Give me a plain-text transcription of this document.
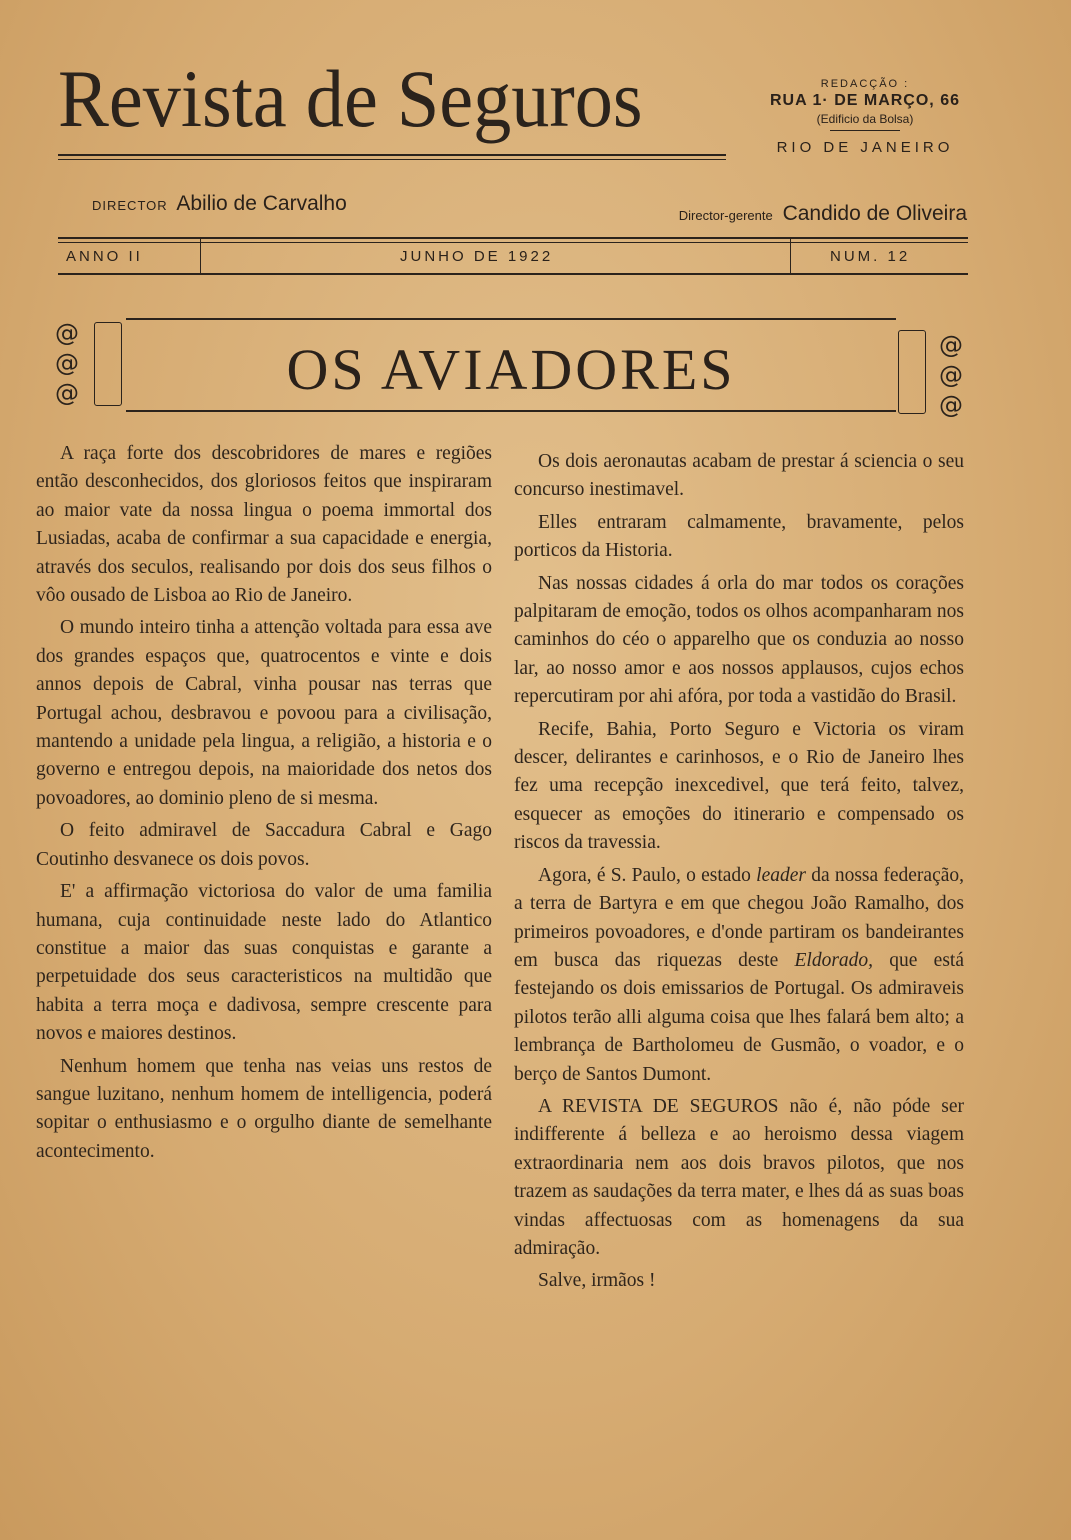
Revista de Seguros	REDACÇÃO :
RUA 1· DE MARÇO, 66
(Edificio da Bolsa)
RIO DE JANEIRO
DIRECTOR Abilio de Carvalho
Director-gerente Candido de Oliveira
ANNO II	JUNHO DE 1922	NUM. 12
@
@
@
@
@
@
OS AVIADORES

A raça forte dos descobridores de mares e regiões então desconhecidos, dos gloriosos feitos que inspiraram ao maior vate da nossa lingua o poema immortal dos Lusiadas, acaba de confirmar a sua capacidade e energia, através dos seculos, realisando por dois dos seus filhos o vôo ousado de Lisboa ao Rio de Janeiro.

O mundo inteiro tinha a attenção voltada para essa ave dos grandes espaços que, quatrocentos e vinte e dois annos depois de Cabral, vinha pousar nas terras que Portugal achou, desbravou e povoou para a civilisação, mantendo a unidade pela lingua, a religião, a historia e o governo e entregou depois, na maioridade dos netos dos povoadores, ao dominio pleno de si mesma.

O feito admiravel de Saccadura Cabral e Gago Coutinho desvanece os dois povos.

E' a affirmação victoriosa do valor de uma familia humana, cuja continuidade neste lado do Atlantico constitue a maior das suas conquistas e garante a perpetuidade dos seus caracteristicos na multidão que habita a terra moça e dadivosa, sempre crescente para novos e maiores destinos.

Nenhum homem que tenha nas veias uns restos de sangue luzitano, nenhum homem de intelligencia, poderá sopitar o enthusiasmo e o orgulho diante de semelhante acontecimento.

Os dois aeronautas acabam de prestar á sciencia o seu concurso inestimavel.

Elles entraram calmamente, bravamente, pelos porticos da Historia.

Nas nossas cidades á orla do mar todos os corações palpitaram de emoção, todos os olhos acompanharam nos caminhos do céo o apparelho que os conduzia ao nosso lar, ao nosso amor e aos nossos applausos, cujos echos repercutiram por ahi afóra, por toda a vastidão do Brasil.

Recife, Bahia, Porto Seguro e Victoria os viram descer, delirantes e carinhosos, e o Rio de Janeiro lhes fez uma recepção inexcedivel, que terá feito, talvez, esquecer as emoções do itinerario e compensado os riscos da travessia.

Agora, é S. Paulo, o estado leader da nossa federação, a terra de Bartyra e em que chegou João Ramalho, dos primeiros povoadores, e d'onde partiram os bandeirantes em busca das riquezas deste Eldorado, que está festejando os dois emissarios de Portugal. Os admiraveis pilotos terão alli alguma coisa que lhes falará bem alto; a lembrança de Bartholomeu de Gusmão, o voador, e o berço de Santos Dumont.

A REVISTA DE SEGUROS não é, não póde ser indifferente á belleza e ao heroismo dessa viagem extraordinaria nem aos dois bravos pilotos, que nos trazem as saudações da terra mater, e lhes dá as suas boas vindas affectuosas com as homenagens da sua admiração.

Salve, irmãos !
